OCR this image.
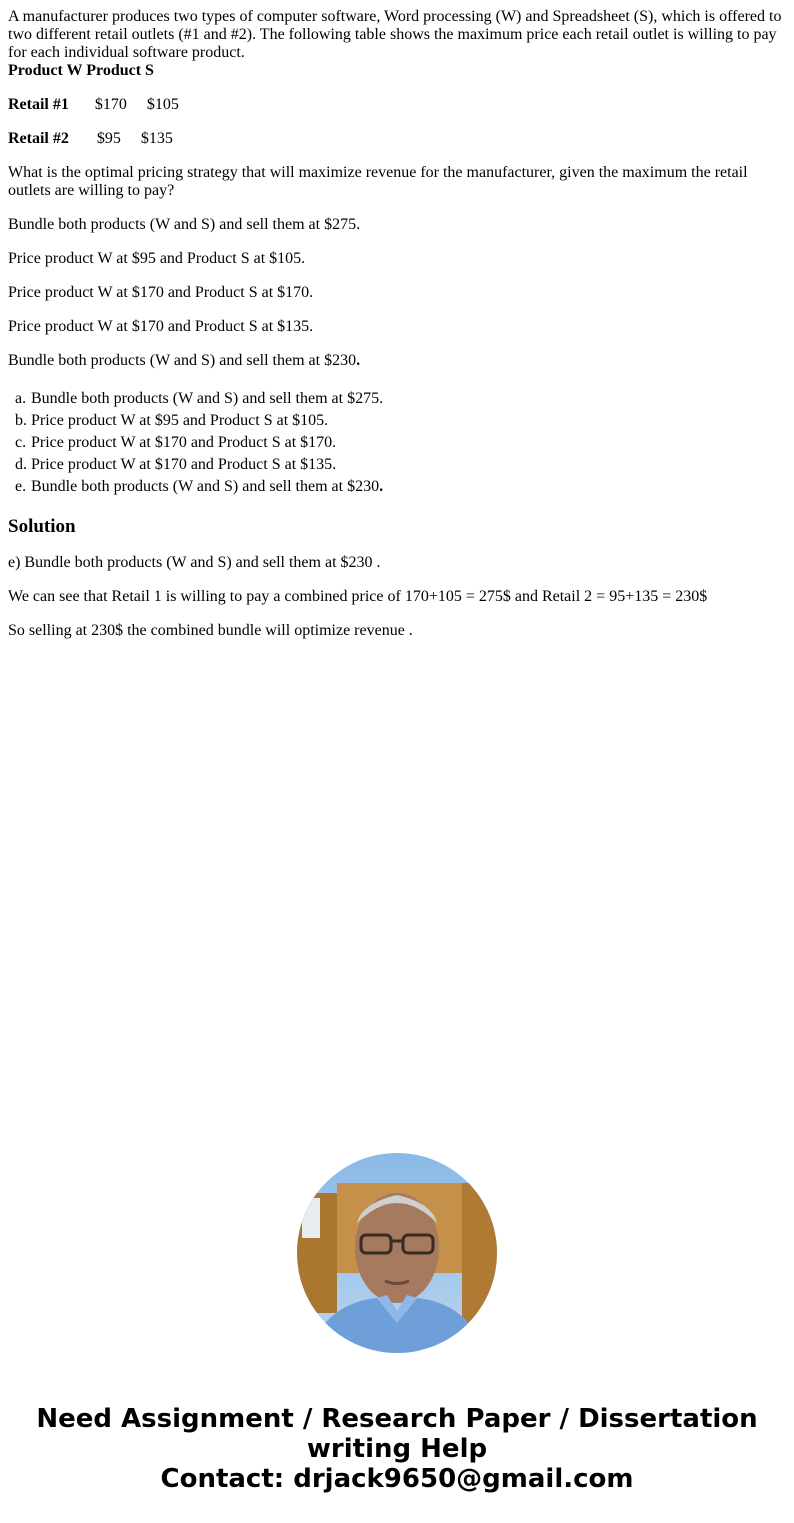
A manufacturer produces two types of computer software, Word processing (W) and Spreadsheet (S), which is offered to two different retail outlets (#1 and #2). The following table shows the maximum price each retail outlet is willing to pay for each individual software product.

Product W Product S

Retail #1 $170 $105

Retail #2 $95 $135

What is the optimal pricing strategy that will maximize revenue for the manufacturer, given the maximum the retail outlets are willing to pay?

Bundle both products (W and S) and sell them at $275.

Price product W at $95 and Product S at $105.

Price product W at $170 and Product S at $170.

Price product W at $170 and Product S at $135.

Bundle both products (W and S) and sell them at $230.

a. Bundle both products (W and S) and sell them at $275.
b. Price product W at $95 and Product S at $105.
c. Price product W at $170 and Product S at $170.
d. Price product W at $170 and Product S at $135.
e. Bundle both products (W and S) and sell them at $230.
Solution

e) Bundle both products (W and S) and sell them at $230 .

We can see that Retail 1 is willing to pay a combined price of 170+105 = 275$ and Retail 2 = 95+135 = 230$

So selling at 230$ the combined bundle will optimize revenue .

Need Assignment / Research Paper / Dissertation
writing Help
Contact: drjack9650@gmail.com
